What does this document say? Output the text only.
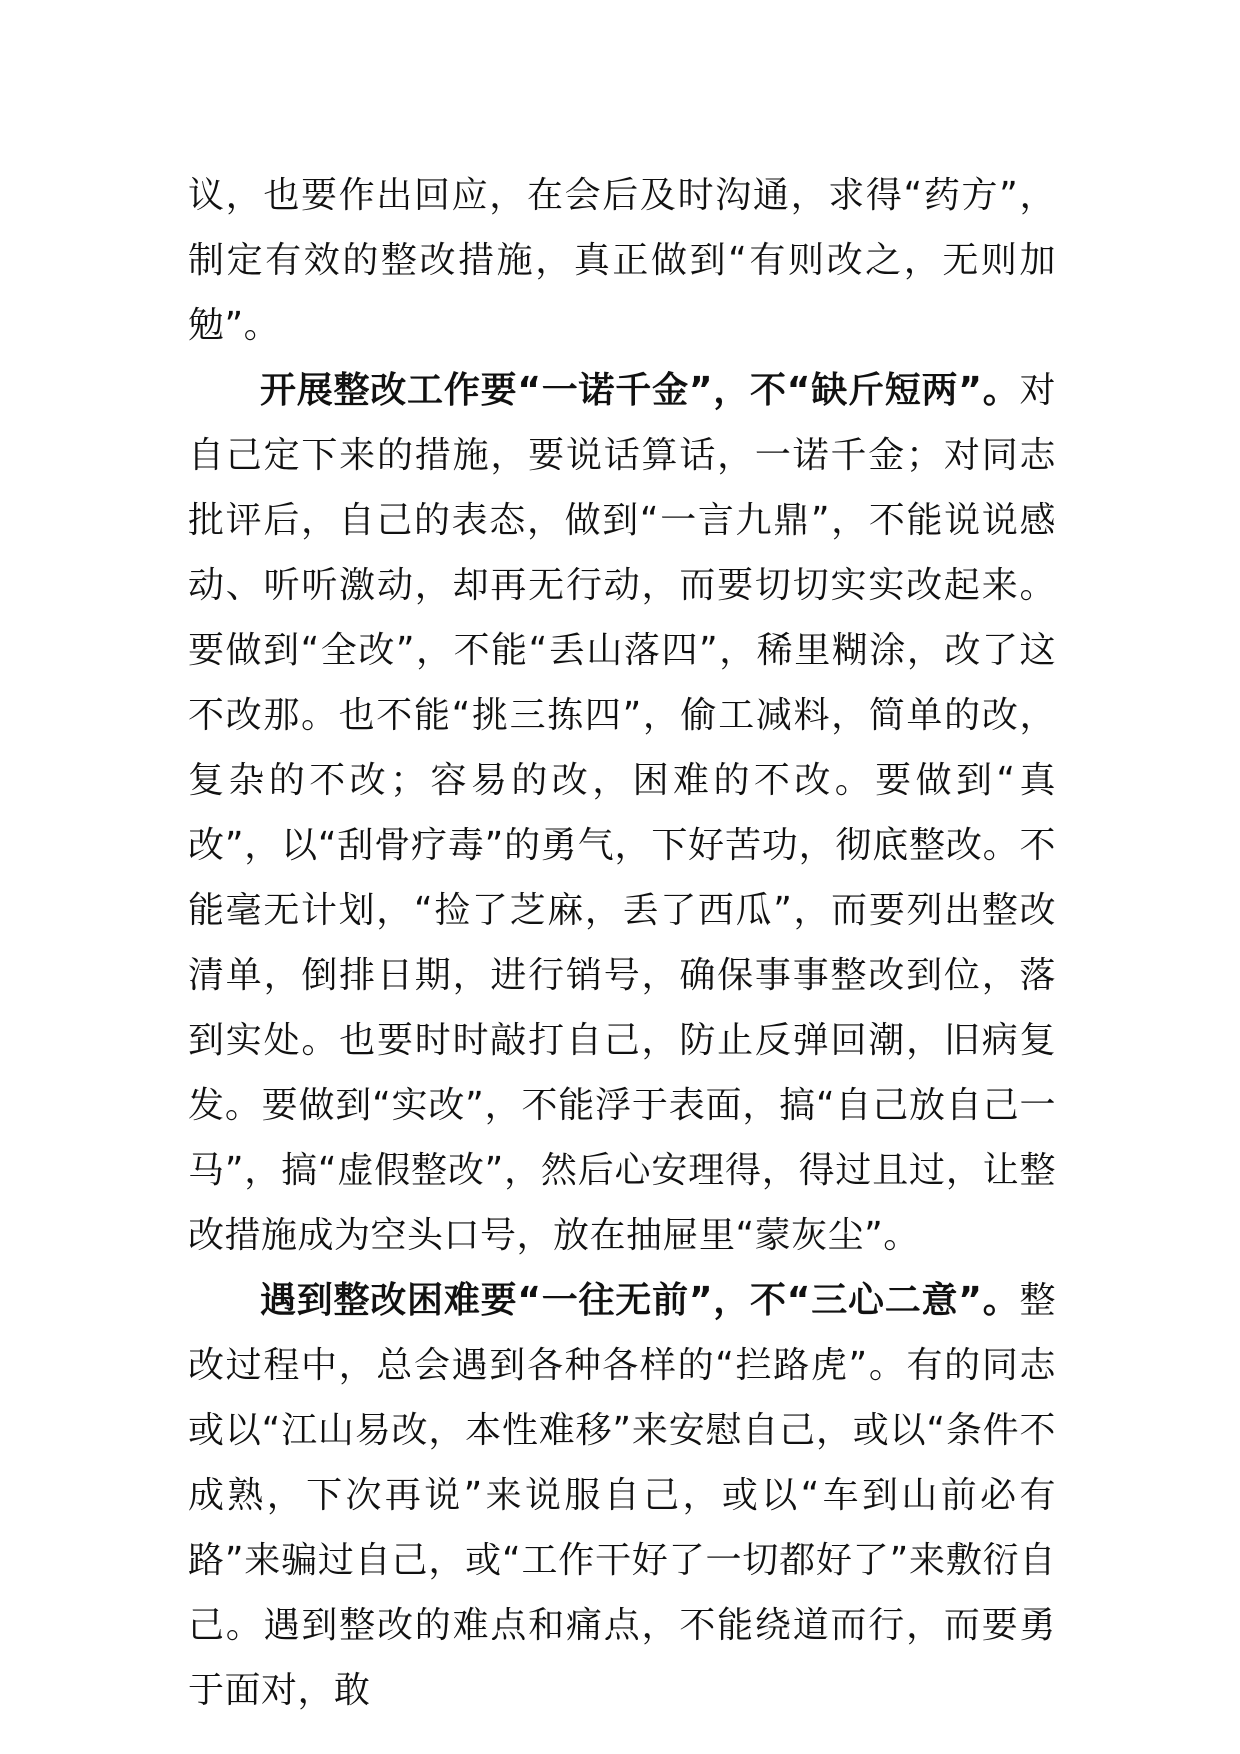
议，也要作出回应，在会后及时沟通，求得“药方”，制定有效的整改措施，真正做到“有则改之，无则加勉”。

开展整改工作要“一诺千金”，不“缺斤短两”。对自己定下来的措施，要说话算话，一诺千金；对同志批评后，自己的表态，做到“一言九鼎”，不能说说感动、听听激动，却再无行动，而要切切实实改起来。要做到“全改”，不能“丢山落四”，稀里糊涂，改了这不改那。也不能“挑三拣四”，偷工减料，简单的改，复杂的不改；容易的改，困难的不改。要做到“真改”，以“刮骨疗毒”的勇气，下好苦功，彻底整改。不能毫无计划，“捡了芝麻，丢了西瓜”，而要列出整改清单，倒排日期，进行销号，确保事事整改到位，落到实处。也要时时敲打自己，防止反弹回潮，旧病复发。要做到“实改”，不能浮于表面，搞“自己放自己一马”，搞“虚假整改”，然后心安理得，得过且过，让整改措施成为空头口号，放在抽屉里“蒙灰尘”。

遇到整改困难要“一往无前”，不“三心二意”。整改过程中，总会遇到各种各样的“拦路虎”。有的同志或以“江山易改，本性难移”来安慰自己，或以“条件不成熟，下次再说”来说服自己，或以“车到山前必有路”来骗过自己，或“工作干好了一切都好了”来敷衍自己。遇到整改的难点和痛点，不能绕道而行，而要勇于面对，敢
